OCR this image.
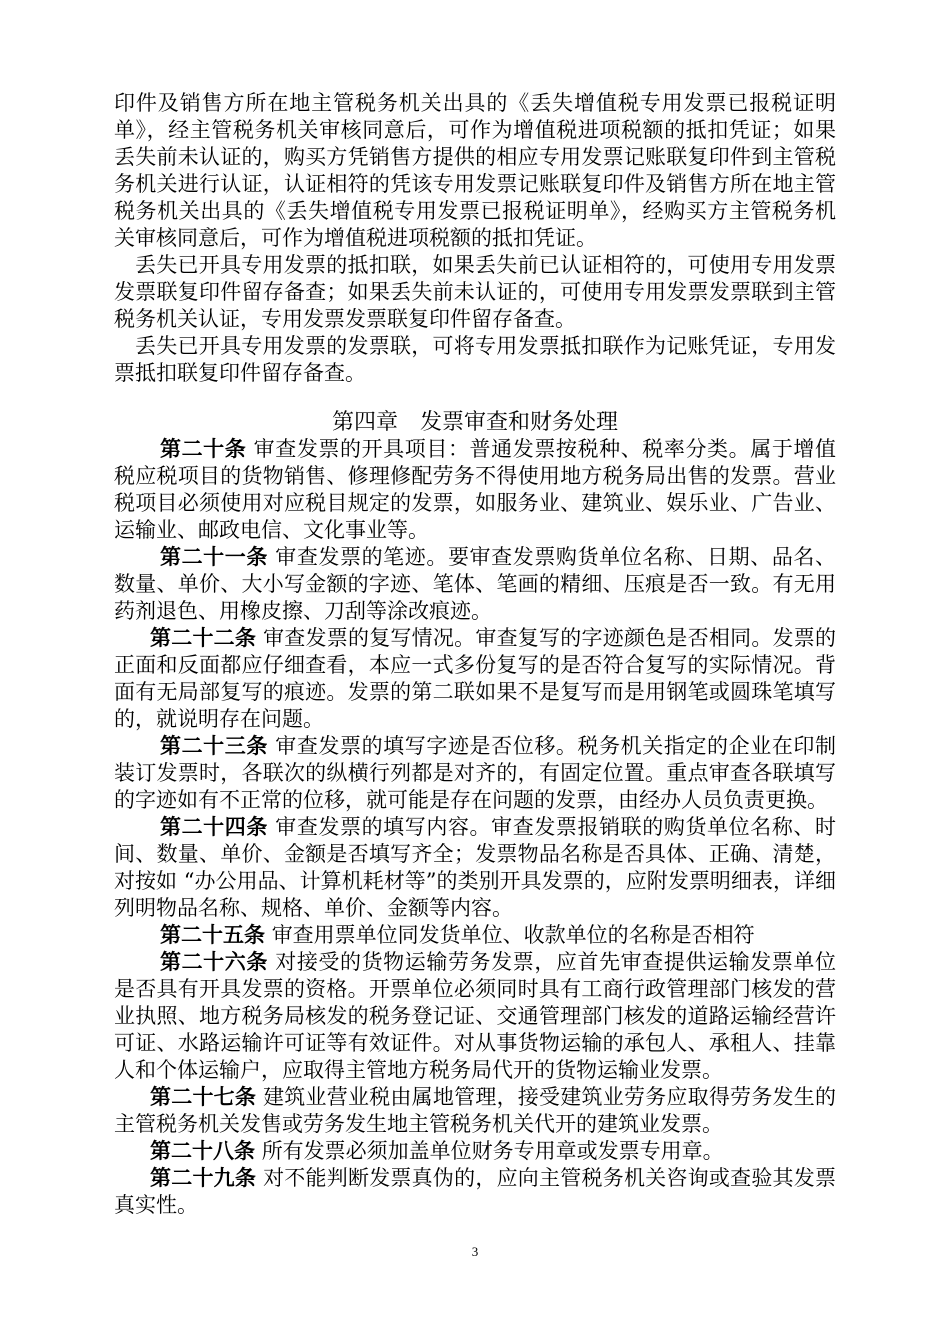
印件及销售方所在地主管税务机关出具的《丢失增值税专用发票已报税证明单》，经主管税务机关审核同意后，可作为增值税进项税额的抵扣凭证；如果丢失前未认证的，购买方凭销售方提供的相应专用发票记账联复印件到主管税务机关进行认证，认证相符的凭该专用发票记账联复印件及销售方所在地主管税务机关出具的《丢失增值税专用发票已报税证明单》，经购买方主管税务机关审核同意后，可作为增值税进项税额的抵扣凭证。

丢失已开具专用发票的抵扣联，如果丢失前已认证相符的，可使用专用发票发票联复印件留存备查；如果丢失前未认证的，可使用专用发票发票联到主管税务机关认证，专用发票发票联复印件留存备查。

丢失已开具专用发票的发票联，可将专用发票抵扣联作为记账凭证，专用发票抵扣联复印件留存备查。

第四章　发票审查和财务处理

第二十条 审查发票的开具项目：普通发票按税种、税率分类。属于增值税应税项目的货物销售、修理修配劳务不得使用地方税务局出售的发票。营业税项目必须使用对应税目规定的发票，如服务业、建筑业、娱乐业、广告业、运输业、邮政电信、文化事业等。

第二十一条 审查发票的笔迹。要审查发票购货单位名称、日期、品名、数量、单价、大小写金额的字迹、笔体、笔画的精细、压痕是否一致。有无用药剂退色、用橡皮擦、刀刮等涂改痕迹。

第二十二条 审查发票的复写情况。审查复写的字迹颜色是否相同。发票的正面和反面都应仔细查看，本应一式多份复写的是否符合复写的实际情况。背面有无局部复写的痕迹。发票的第二联如果不是复写而是用钢笔或圆珠笔填写的，就说明存在问题。

第二十三条 审查发票的填写字迹是否位移。税务机关指定的企业在印制装订发票时，各联次的纵横行列都是对齐的，有固定位置。重点审查各联填写的字迹如有不正常的位移，就可能是存在问题的发票，由经办人员负责更换。

第二十四条 审查发票的填写内容。审查发票报销联的购货单位名称、时间、数量、单价、金额是否填写齐全；发票物品名称是否具体、正确、清楚，对按如 “办公用品、计算机耗材等”的类别开具发票的，应附发票明细表，详细列明物品名称、规格、单价、金额等内容。

第二十五条 审查用票单位同发货单位、收款单位的名称是否相符

第二十六条 对接受的货物运输劳务发票，应首先审查提供运输发票单位是否具有开具发票的资格。开票单位必须同时具有工商行政管理部门核发的营业执照、地方税务局核发的税务登记证、交通管理部门核发的道路运输经营许可证、水路运输许可证等有效证件。对从事货物运输的承包人、承租人、挂靠人和个体运输户，应取得主管地方税务局代开的货物运输业发票。

第二十七条 建筑业营业税由属地管理，接受建筑业劳务应取得劳务发生的主管税务机关发售或劳务发生地主管税务机关代开的建筑业发票。

第二十八条 所有发票必须加盖单位财务专用章或发票专用章。

第二十九条 对不能判断发票真伪的，应向主管税务机关咨询或查验其发票真实性。

3
